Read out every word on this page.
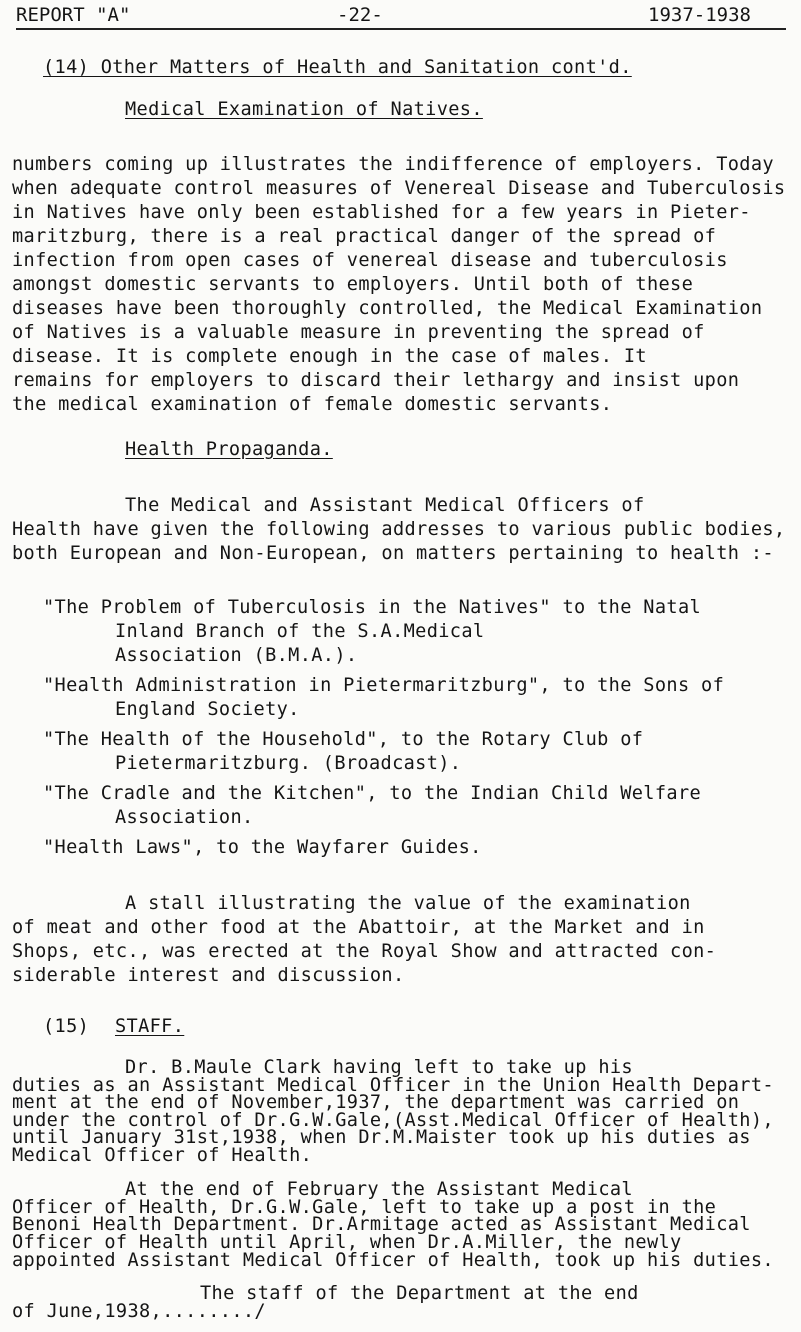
REPORT "A"	-22-	1937-1938
(14) Other Matters of Health and Sanitation cont'd.
Medical Examination of Natives.
numbers coming up illustrates the indifference of employers. Today
when adequate control measures of Venereal Disease and Tuberculosis
in Natives have only been established for a few years in Pieter-
maritzburg, there is a real practical danger of the spread of
infection from open cases of venereal disease and tuberculosis
amongst domestic servants to employers. Until both of these
diseases have been thoroughly controlled, the Medical Examination
of Natives is a valuable measure in preventing the spread of
disease. It is complete enough in the case of males. It
remains for employers to discard their lethargy and insist upon
the medical examination of female domestic servants.
Health Propaganda.
The Medical and Assistant Medical Officers of
Health have given the following addresses to various public bodies,
both European and Non-European, on matters pertaining to health :-
"The Problem of Tuberculosis in the Natives" to the Natal
Inland Branch of the S.A.Medical
Association (B.M.A.).
"Health Administration in Pietermaritzburg", to the Sons of
England Society.
"The Health of the Household", to the Rotary Club of
Pietermaritzburg. (Broadcast).
"The Cradle and the Kitchen", to the Indian Child Welfare
Association.
"Health Laws", to the Wayfarer Guides.
A stall illustrating the value of the examination
of meat and other food at the Abattoir, at the Market and in
Shops, etc., was erected at the Royal Show and attracted con-
siderable interest and discussion.
(15) STAFF.
Dr. B.Maule Clark having left to take up his
duties as an Assistant Medical Officer in the Union Health Depart-
ment at the end of November,1937, the department was carried on
under the control of Dr.G.W.Gale,(Asst.Medical Officer of Health),
until January 31st,1938, when Dr.M.Maister took up his duties as
Medical Officer of Health.
At the end of February the Assistant Medical
Officer of Health, Dr.G.W.Gale, left to take up a post in the
Benoni Health Department. Dr.Armitage acted as Assistant Medical
Officer of Health until April, when Dr.A.Miller, the newly
appointed Assistant Medical Officer of Health, took up his duties.
The staff of the Department at the end
of June,1938,......../
